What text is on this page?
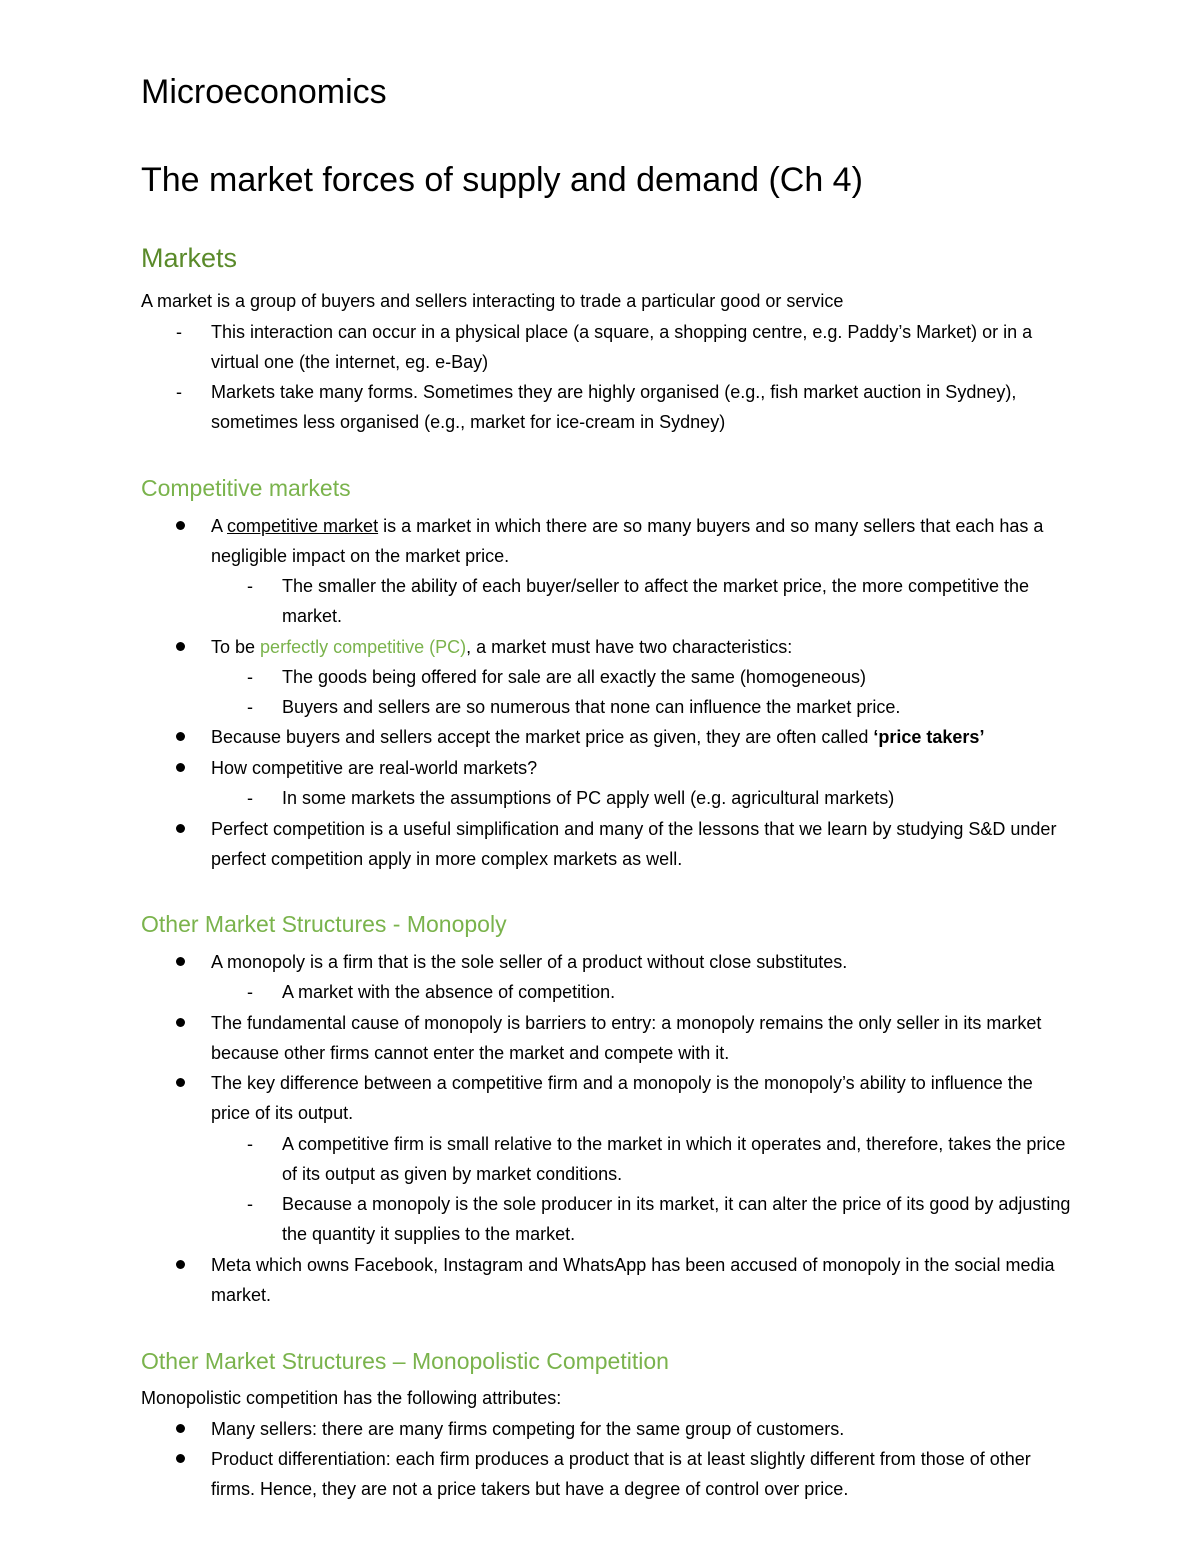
Microeconomics
The market forces of supply and demand (Ch 4)
Markets
A market is a group of buyers and sellers interacting to trade a particular good or service
- This interaction can occur in a physical place (a square, a shopping centre, e.g. Paddy’s Market) or in a virtual one (the internet, eg. e-Bay)
- Markets take many forms. Sometimes they are highly organised (e.g., fish market auction in Sydney), sometimes less organised (e.g., market for ice-cream in Sydney)
Competitive markets
A competitive market is a market in which there are so many buyers and so many sellers that each has a negligible impact on the market price.
- The smaller the ability of each buyer/seller to affect the market price, the more competitive the market.
To be perfectly competitive (PC), a market must have two characteristics:
- The goods being offered for sale are all exactly the same (homogeneous)
- Buyers and sellers are so numerous that none can influence the market price.
Because buyers and sellers accept the market price as given, they are often called ‘price takers’
How competitive are real-world markets?
- In some markets the assumptions of PC apply well (e.g. agricultural markets)
Perfect competition is a useful simplification and many of the lessons that we learn by studying S&D under perfect competition apply in more complex markets as well.
Other Market Structures - Monopoly
A monopoly is a firm that is the sole seller of a product without close substitutes.
- A market with the absence of competition.
The fundamental cause of monopoly is barriers to entry: a monopoly remains the only seller in its market because other firms cannot enter the market and compete with it.
The key difference between a competitive firm and a monopoly is the monopoly’s ability to influence the price of its output.
- A competitive firm is small relative to the market in which it operates and, therefore, takes the price of its output as given by market conditions.
- Because a monopoly is the sole producer in its market, it can alter the price of its good by adjusting the quantity it supplies to the market.
Meta which owns Facebook, Instagram and WhatsApp has been accused of monopoly in the social media market.
Other Market Structures – Monopolistic Competition
Monopolistic competition has the following attributes:
Many sellers: there are many firms competing for the same group of customers.
Product differentiation: each firm produces a product that is at least slightly different from those of other firms. Hence, they are not a price takers but have a degree of control over price.
